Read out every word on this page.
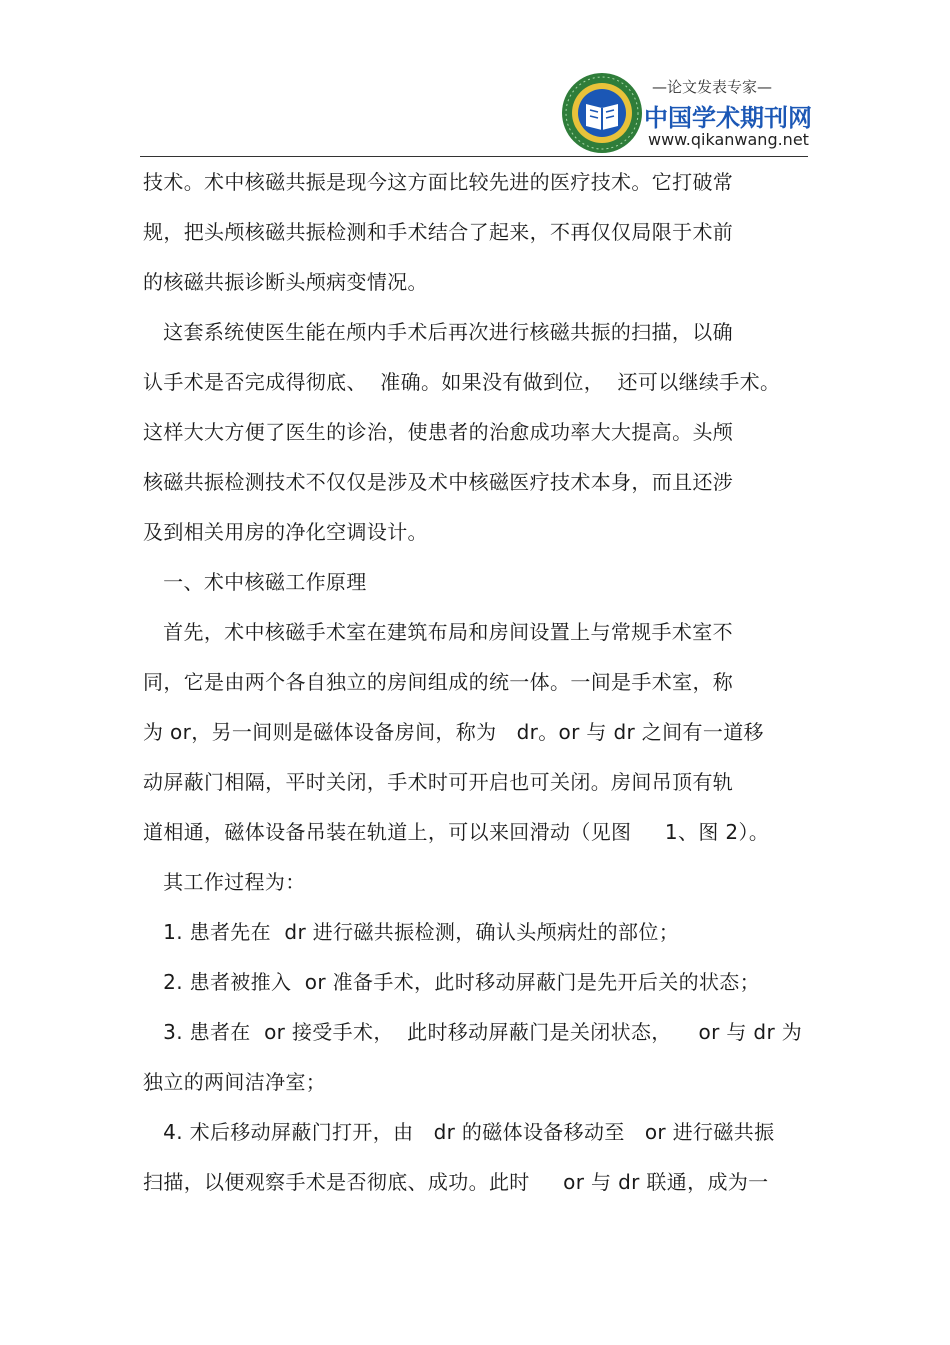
—论文发表专家—
中国学术期刊网
www.qikanwang.net
技术。术中核磁共振是现今这方面比较先进的医疗技术。它打破常
规，把头颅核磁共振检测和手术结合了起来，不再仅仅局限于术前
的核磁共振诊断头颅病变情况。
这套系统使医生能在颅内手术后再次进行核磁共振的扫描，以确
认手术是否完成得彻底、  准确。如果没有做到位，  还可以继续手术。
这样大大方便了医生的诊治，使患者的治愈成功率大大提高。头颅
核磁共振检测技术不仅仅是涉及术中核磁医疗技术本身，而且还涉
及到相关用房的净化空调设计。
一、术中核磁工作原理
首先，术中核磁手术室在建筑布局和房间设置上与常规手术室不
同，它是由两个各自独立的房间组成的统一体。一间是手术室，称
为 or，另一间则是磁体设备房间，称为   dr。or 与 dr 之间有一道移
动屏蔽门相隔，平时关闭，手术时可开启也可关闭。房间吊顶有轨
道相通，磁体设备吊装在轨道上，可以来回滑动（见图     1、图 2）。
其工作过程为：
1. 患者先在  dr 进行磁共振检测，确认头颅病灶的部位；
2. 患者被推入  or 准备手术，此时移动屏蔽门是先开后关的状态；
3. 患者在  or 接受手术，  此时移动屏蔽门是关闭状态，    or 与 dr 为
独立的两间洁净室；
4. 术后移动屏蔽门打开，由   dr 的磁体设备移动至   or 进行磁共振
扫描，以便观察手术是否彻底、成功。此时     or 与 dr 联通，成为一
